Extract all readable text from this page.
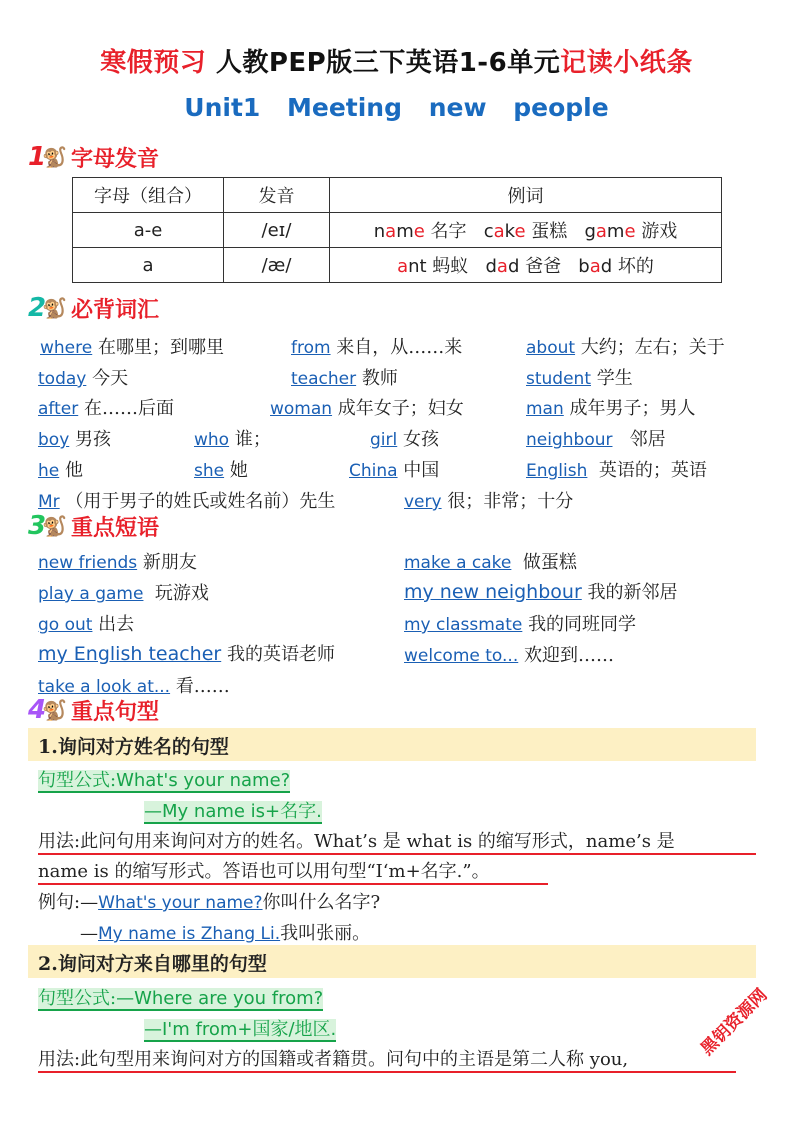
寒假预习 人教PEP版三下英语1-6单元记读小纸条
Unit1 Meeting new people
1
🐒 字母发音
字母（组合）	发音	例词
a-e	/eɪ/	name 名字 cake 蛋糕 game 游戏
a	/æ/	ant 蚂蚁 dad 爸爸 bad 坏的
2
🐒 必背词汇
where 在哪里；到哪里	from 来自，从……来	about 大约；左右；关于
today 今天	teacher 教师	student 学生
after 在……后面	woman 成年女子；妇女	man 成年男子；男人
boy 男孩	who 谁；	girl 女孩	neighbour 邻居
he 他	she 她	China 中国	English 英语的；英语
Mr （用于男子的姓氏或姓名前）先生	very 很；非常；十分
3
🐒 重点短语
new friends 新朋友	make a cake 做蛋糕
play a game 玩游戏	my new neighbour 我的新邻居
go out 出去	my classmate 我的同班同学
my English teacher 我的英语老师	welcome to... 欢迎到……
take a look at... 看……
4
🐒 重点句型
1.询问对方姓名的句型
句型公式:What's your name?
—My name is+名字.
用法:此问句用来询问对方的姓名。What’s 是 what is 的缩写形式，name’s 是
name is 的缩写形式。答语也可以用句型“I‘m+名字.”。
例句:—What's your name?你叫什么名字?
—My name is Zhang Li.我叫张丽。
2.询问对方来自哪里的句型
句型公式:—Where are you from?
—I'm from+国家/地区.
用法:此句型用来询问对方的国籍或者籍贯。问句中的主语是第二人称 you,
黑钥资源网
